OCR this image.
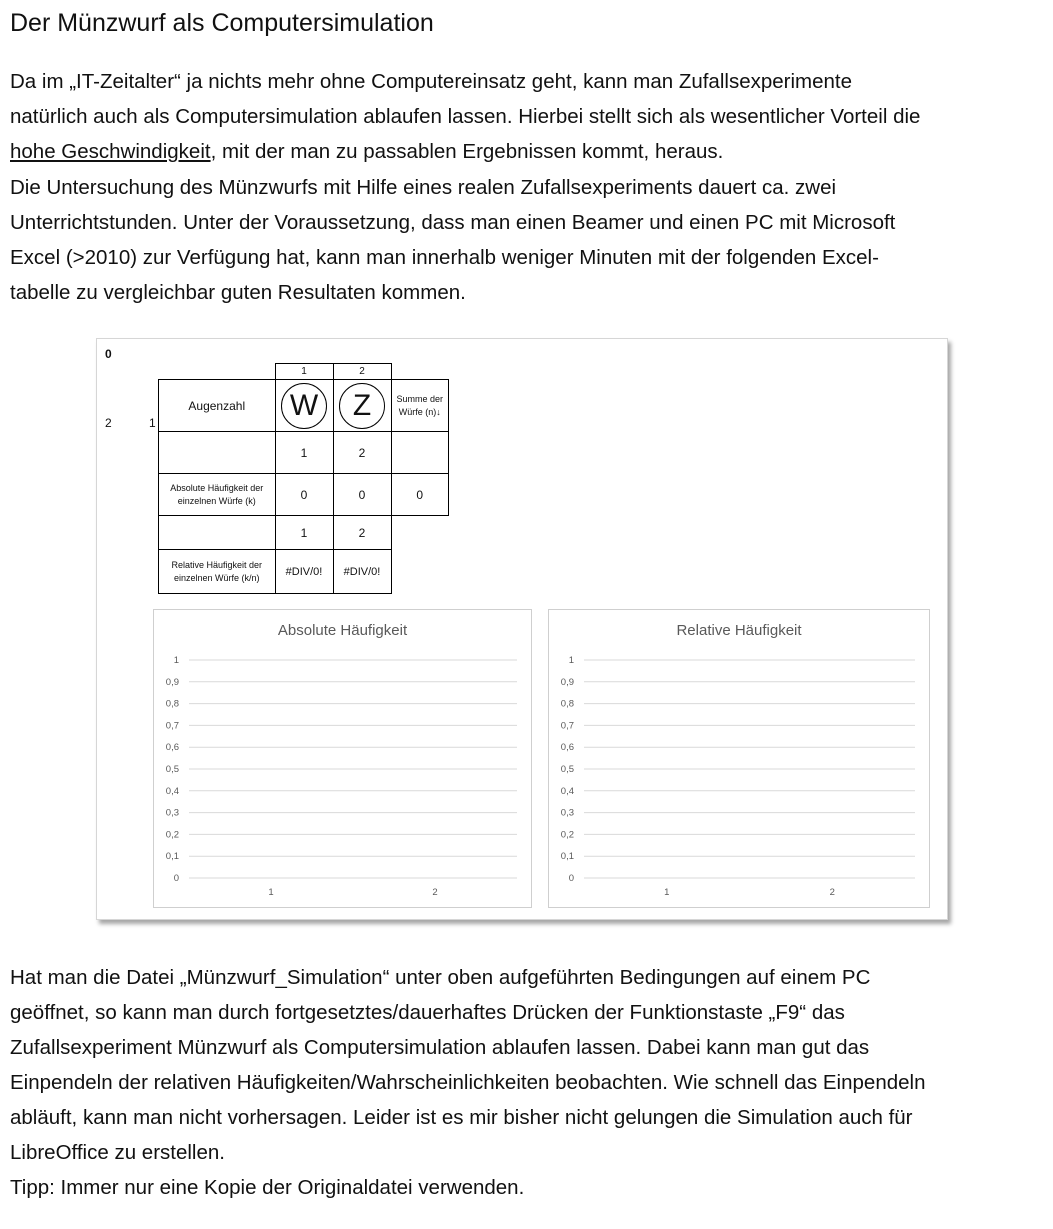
Der Münzwurf als Computersimulation
Da im „IT-Zeitalter“ ja nichts mehr ohne Computereinsatz geht, kann man Zufallsexperimente
natürlich auch als Computersimulation ablaufen lassen. Hierbei stellt sich als wesentlicher Vorteil die
hohe Geschwindigkeit, mit der man zu passablen Ergebnissen kommt, heraus.
Die Untersuchung des Münzwurfs mit Hilfe eines realen Zufallsexperiments dauert ca. zwei
Unterrichtstunden. Unter der Voraussetzung, dass man einen Beamer und einen PC mit Microsoft
Excel (>2010) zur Verfügung hat, kann man innerhalb weniger Minuten mit der folgenden Excel-
tabelle zu vergleichbar guten Resultaten kommen.
0
2	1
	1	2	
Augenzahl	W	Z	Summe der Würfe (n)↓
	1	2	
Absolute Häufigkeit der einzelnen Würfe (k)	0	0	0
	1	2	
Relative Häufigkeit der einzelnen Würfe (k/n)	#DIV/0!	#DIV/0!	
0
0,1
0,2
0,3
0,4
0,5
0,6
0,7
0,8
0,9
1
1	2
Absolute Häufigkeit
0
0,1
0,2
0,3
0,4
0,5
0,6
0,7
0,8
0,9
1
1	2
Relative Häufigkeit
Hat man die Datei „Münzwurf_Simulation“ unter oben aufgeführten Bedingungen auf einem PC
geöffnet, so kann man durch fortgesetztes/dauerhaftes Drücken der Funktionstaste „F9“ das
Zufallsexperiment Münzwurf als Computersimulation ablaufen lassen. Dabei kann man gut das
Einpendeln der relativen Häufigkeiten/Wahrscheinlichkeiten beobachten. Wie schnell das Einpendeln
abläuft, kann man nicht vorhersagen. Leider ist es mir bisher nicht gelungen die Simulation auch für
LibreOffice zu erstellen.
Tipp: Immer nur eine Kopie der Originaldatei verwenden.
